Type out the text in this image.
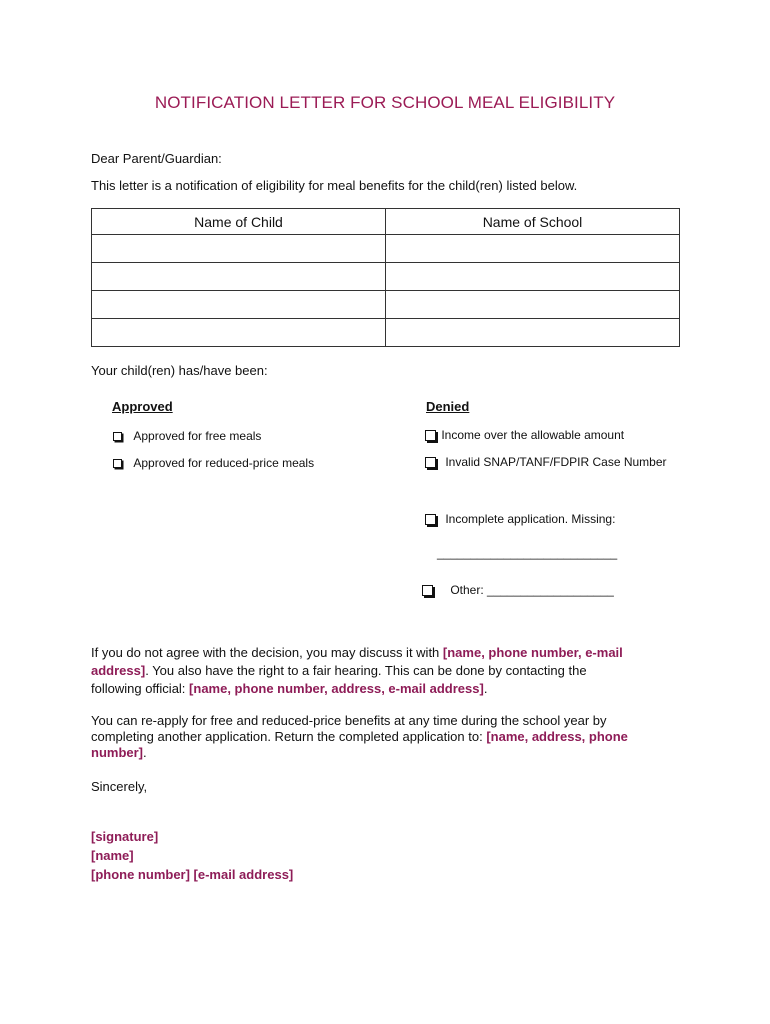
NOTIFICATION LETTER FOR SCHOOL MEAL ELIGIBILITY
Dear Parent/Guardian:
This letter is a notification of eligibility for meal benefits for the child(ren) listed below.
Name of Child	Name of School

Your child(ren) has/have been:
Approved
Approved for free meals
Approved for reduced-price meals
Denied
Income over the allowable amount
Invalid SNAP/TANF/FDPIR Case Number
Incomplete application. Missing:
___________________________
Other: ___________________
If you do not agree with the decision, you may discuss it with [name, phone number, e-mail
address]. You also have the right to a fair hearing. This can be done by contacting the
following official: [name, phone number, address, e-mail address].
You can re-apply for free and reduced-price benefits at any time during the school year by
completing another application. Return the completed application to: [name, address, phone
number].
Sincerely,
[signature]
[name]
[phone number] [e-mail address]
